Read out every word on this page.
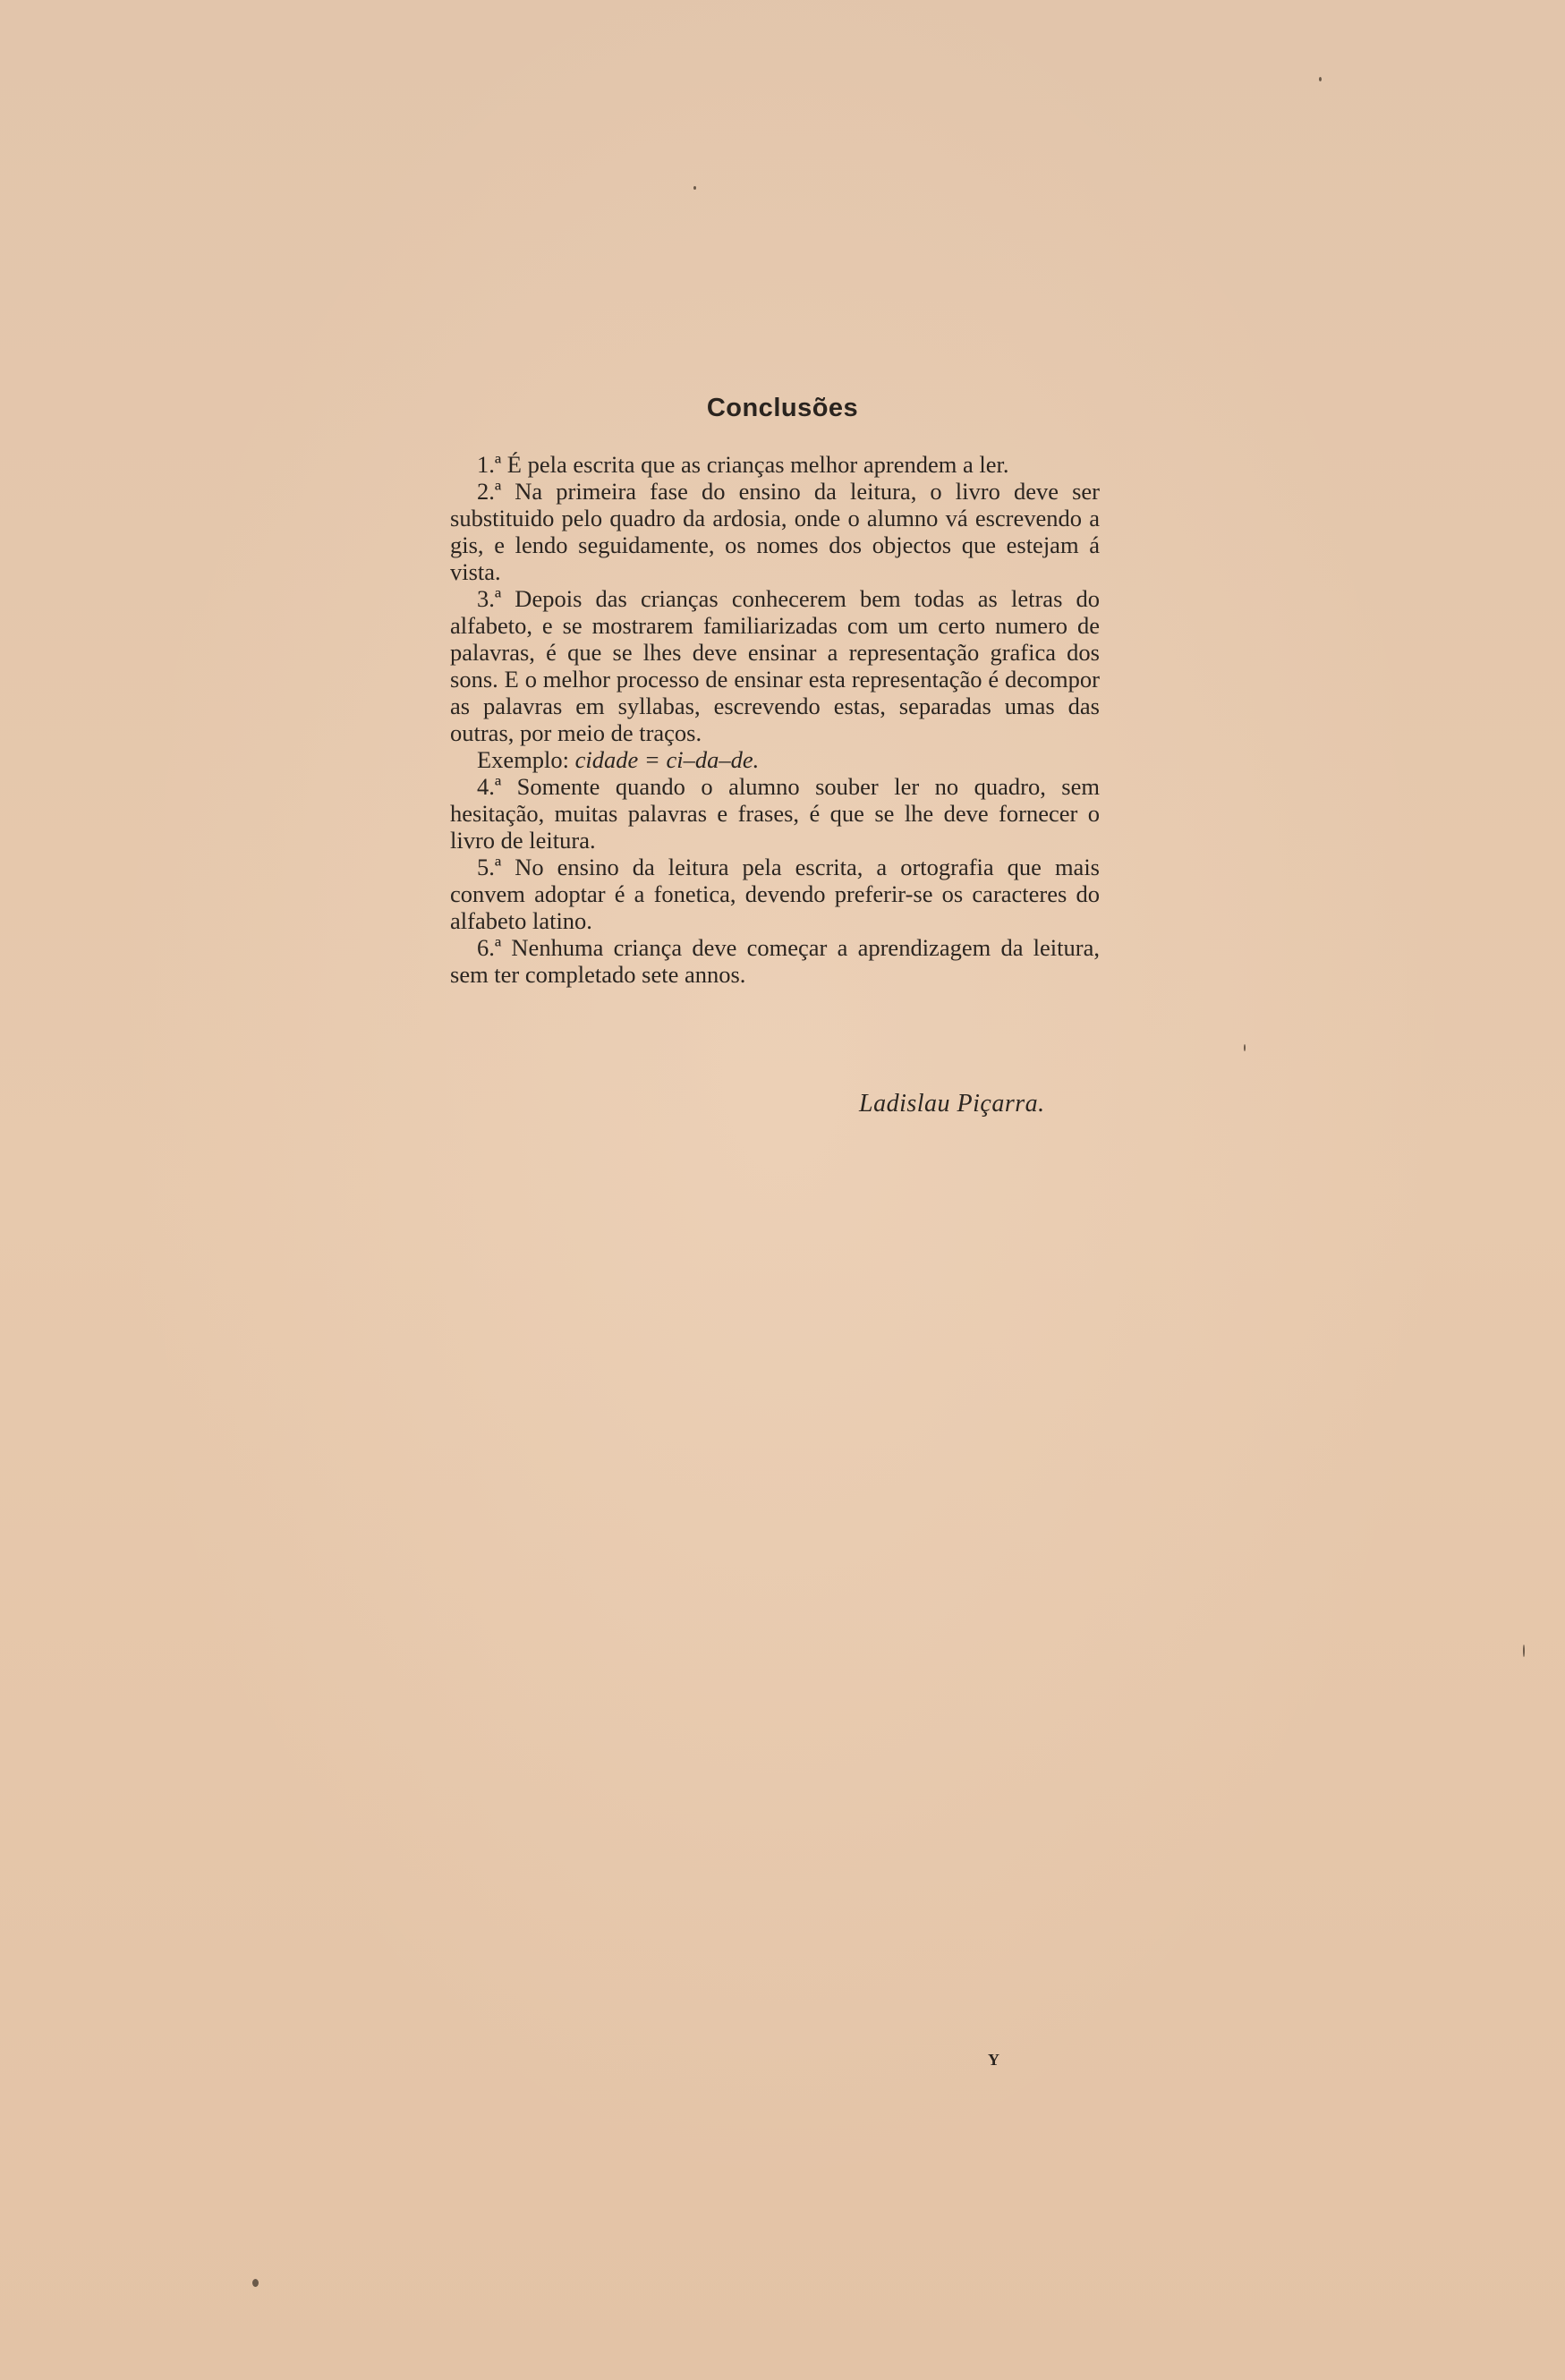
Conclusões

1.ª É pela escrita que as crianças melhor aprendem a ler.

2.ª Na primeira fase do ensino da leitura, o livro deve ser substituido pelo quadro da ardosia, onde o alumno vá escrevendo a gis, e lendo seguidamente, os nomes dos objectos que estejam á vista.

3.ª Depois das crianças conhecerem bem todas as letras do alfabeto, e se mostrarem familiarizadas com um certo numero de palavras, é que se lhes deve ensinar a representação grafica dos sons. E o melhor processo de ensinar esta representação é decompor as palavras em syllabas, escrevendo estas, separadas umas das outras, por meio de traços.

Exemplo: cidade = ci–da–de.

4.ª Somente quando o alumno souber ler no quadro, sem hesitação, muitas palavras e frases, é que se lhe deve fornecer o livro de leitura.

5.ª No ensino da leitura pela escrita, a ortografia que mais convem adoptar é a fonetica, devendo preferir-se os caracteres do alfabeto latino.

6.ª Nenhuma criança deve começar a aprendizagem da leitura, sem ter completado sete annos.

Ladislau Piçarra.
Y
